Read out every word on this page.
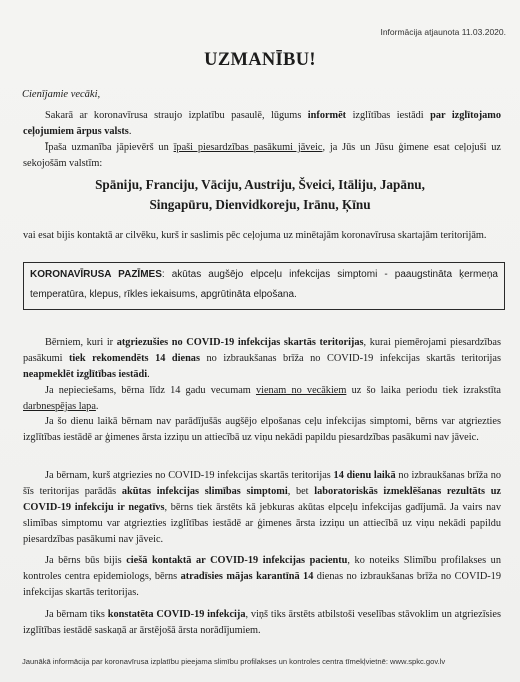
Informācija atjaunota 11.03.2020.
UZMANĪBU!
Cienījamie vecāki,

Sakarā ar koronavīrusa straujo izplatību pasaulē, lūgums informēt izglītības iestādi par izglītojamo ceļojumiem ārpus valsts.

Īpaša uzmanība jāpievērš un īpaši piesardzības pasākumi jāveic, ja Jūs un Jūsu ģimene esat ceļojuši uz sekojošām valstīm:

Spāniju, Franciju, Vāciju, Austriju, Šveici, Itāliju, Japānu,
Singapūru, Dienvidkoreju, Irānu, Ķīnu

vai esat bijis kontaktā ar cilvēku, kurš ir saslimis pēc ceļojuma uz minētajām koronavīrusa skartajām teritorijām.

KORONAVĪRUSA PAZĪMES: akūtas augšējo elpceļu infekcijas simptomi - paaugstināta ķermeņa temperatūra, klepus, rīkles iekaisums, apgrūtināta elpošana.

Bērniem, kuri ir atgriezušies no COVID-19 infekcijas skartās teritorijas, kurai piemērojami piesardzības pasākumi tiek rekomendēts 14 dienas no izbraukšanas brīža no COVID-19 infekcijas skartās teritorijas neapmeklēt izglītības iestādi.

Ja nepieciešams, bērna līdz 14 gadu vecumam vienam no vecākiem uz šo laika periodu tiek izrakstīta darbnespējas lapa.

Ja šo dienu laikā bērnam nav parādījušās augšējo elpošanas ceļu infekcijas simptomi, bērns var atgriezties izglītības iestādē ar ģimenes ārsta izziņu un attiecībā uz viņu nekādi papildu piesardzības pasākumi nav jāveic.

Ja bērnam, kurš atgriezies no COVID-19 infekcijas skartās teritorijas 14 dienu laikā no izbraukšanas brīža no šīs teritorijas parādās akūtas infekcijas slimības simptomi, bet laboratoriskās izmeklēšanas rezultāts uz COVID-19 infekciju ir negatīvs, bērns tiek ārstēts kā jebkuras akūtas elpceļu infekcijas gadījumā. Ja vairs nav slimības simptomu var atgriezties izglītības iestādē ar ģimenes ārsta izziņu un attiecībā uz viņu nekādi papildu piesardzības pasākumi nav jāveic.

Ja bērns būs bijis ciešā kontaktā ar COVID-19 infekcijas pacientu, ko noteiks Slimību profilakses un kontroles centra epidemiologs, bērns atradīsies mājas karantīnā 14 dienas no izbraukšanas brīža no COVID-19 infekcijas skartās teritorijas.

Ja bērnam tiks konstatēta COVID-19 infekcija, viņš tiks ārstēts atbilstoši veselības stāvoklim un atgriezīsies izglītības iestādē saskaņā ar ārstējošā ārsta norādījumiem.

Jaunākā informācija par koronavīrusa izplatību pieejama slimību profilakses un kontroles centra tīmekļvietnē: www.spkc.gov.lv
